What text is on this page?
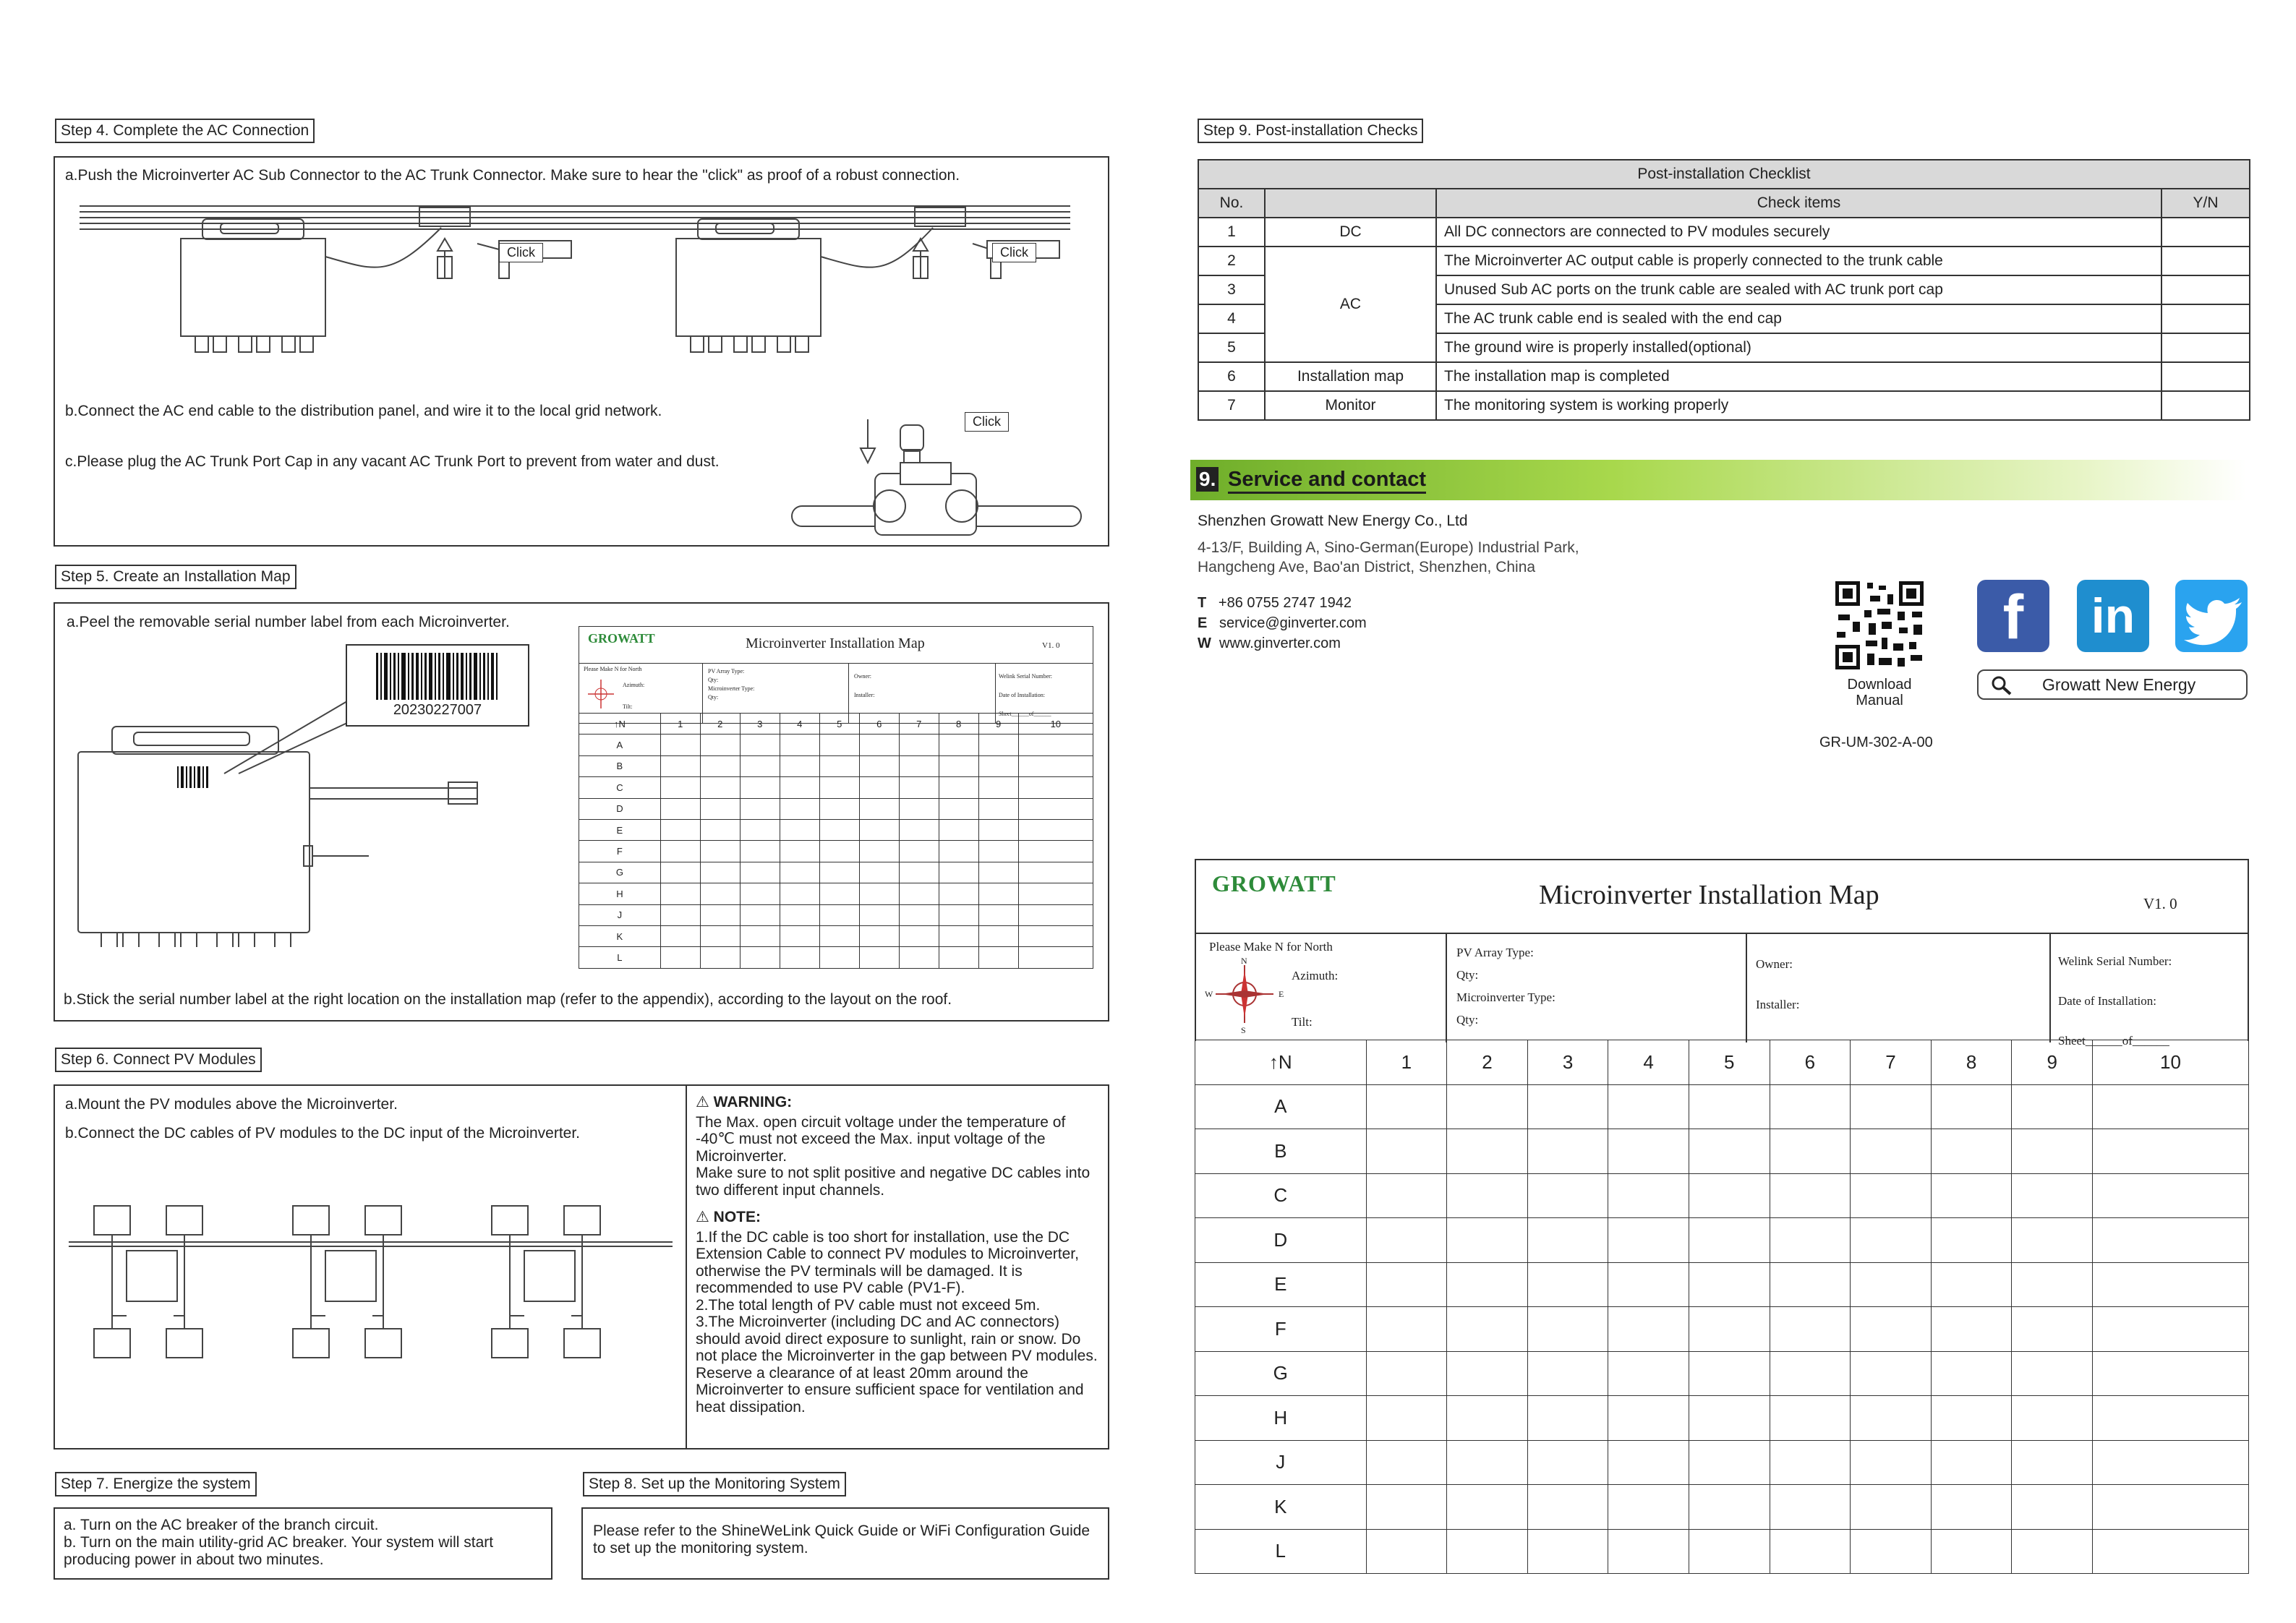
Step 4. Complete the AC Connection
a.Push the Microinverter AC Sub Connector to the AC Trunk Connector. Make sure to hear the "click" as proof of a robust connection.
Click	Click
b.Connect the AC end cable to the distribution panel, and wire it to the local grid network.
c.Please plug the AC Trunk Port Cap in any vacant AC Trunk Port to prevent from water and dust.
Click
Step 5. Create an Installation Map
a.Peel the removable serial number label from each Microinverter.
20230227007
GROWATT	Microinverter Installation Map	V1. 0
Please Make N for North
Azimuth:
Tilt:
PV Array Type:
Qty:
Microinverter Type:
Qty:
Owner:
Installer:
Welink Serial Number:
Date of Installation:
Sheet______of______
↑N	1	2	3	4	5	6	7	8	9	10
A										
B										
C										
D										
E										
F										
G										
H										
J										
K										
L										
b.Stick the serial number label at the right location on the installation map (refer to the appendix), according to the layout on the roof.
Step 6. Connect PV Modules
a.Mount the PV modules above the Microinverter.
b.Connect the DC cables of PV modules to the DC input of the Microinverter.
⚠ WARNING:
The Max. open circuit voltage under the temperature of -40℃ must not exceed the Max. input voltage of the Microinverter.
Make sure to not split positive and negative DC cables into two different input channels.
⚠ NOTE:
1.If the DC cable is too short for installation, use the DC Extension Cable to connect PV modules to Microinverter, otherwise the PV terminals will be damaged. It is recommended to use PV cable (PV1-F).
2.The total length of PV cable must not exceed 5m.
3.The Microinverter (including DC and AC connectors) should avoid direct exposure to sunlight, rain or snow. Do not place the Microinverter in the gap between PV modules. Reserve a clearance of at least 20mm around the Microinverter to ensure sufficient space for ventilation and heat dissipation.
Step 7. Energize the system
a. Turn on the AC breaker of the branch circuit.
b. Turn on the main utility-grid AC breaker. Your system will start producing power in about two minutes.
Step 8. Set up the Monitoring System
Please refer to the ShineWeLink Quick Guide or WiFi Configuration Guide to set up the monitoring system.
Step 9. Post-installation Checks
Post-installation Checklist			
No.		Check items	Y/N
1	DC	All DC connectors are connected to PV modules securely	
2	AC	The Microinverter AC output cable is properly connected to the trunk cable	
3		Unused Sub AC ports on the trunk cable are sealed with AC trunk port cap	
4		The AC trunk cable end is sealed with the end cap	
5		The ground wire is properly installed(optional)	
6	Installation map	The installation map is completed	
7	Monitor	The monitoring system is working properly	
9. Service and contact
Shenzhen Growatt New Energy Co., Ltd
4-13/F, Building A, Sino-German(Europe) Industrial Park,
Hangcheng Ave, Bao'an District, Shenzhen, China
T +86 0755 2747 1942
E service@ginverter.com
W www.ginverter.com
Download
Manual
f	in
Growatt New Energy
GR-UM-302-A-00
GROWATT	Microinverter Installation Map	V1. 0
Please Make N for North
Azimuth:
Tilt:
N
S
E
W
PV Array Type:
Qty:
Microinverter Type:
Qty:
Owner:
Installer:
Welink Serial Number:
Date of Installation:
Sheet______of______
↑N	1	2	3	4	5	6	7	8	9	10
A										
B										
C										
D										
E										
F										
G										
H										
J										
K										
L										
